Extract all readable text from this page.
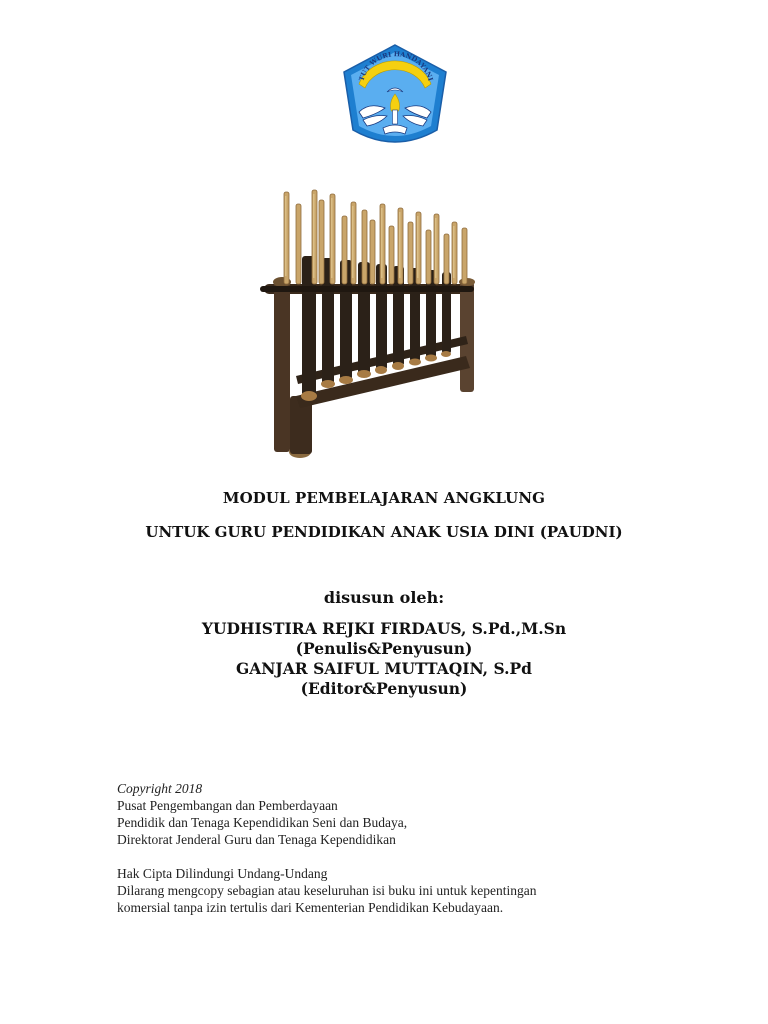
TUT WURI HANDAYANI
MODUL PEMBELAJARAN ANGKLUNG
UNTUK GURU PENDIDIKAN ANAK USIA DINI (PAUDNI)
disusun oleh:
YUDHISTIRA REJKI FIRDAUS, S.Pd.,M.Sn
(Penulis&Penyusun)
GANJAR SAIFUL MUTTAQIN, S.Pd
(Editor&Penyusun)
Copyright 2018
Pusat Pengembangan dan Pemberdayaan
Pendidik dan Tenaga Kependidikan Seni dan Budaya,
Direktorat Jenderal Guru dan Tenaga Kependidikan
Hak Cipta Dilindungi Undang-Undang
Dilarang mengcopy sebagian atau keseluruhan isi buku ini untuk kepentingan
komersial tanpa izin tertulis dari Kementerian Pendidikan Kebudayaan.
